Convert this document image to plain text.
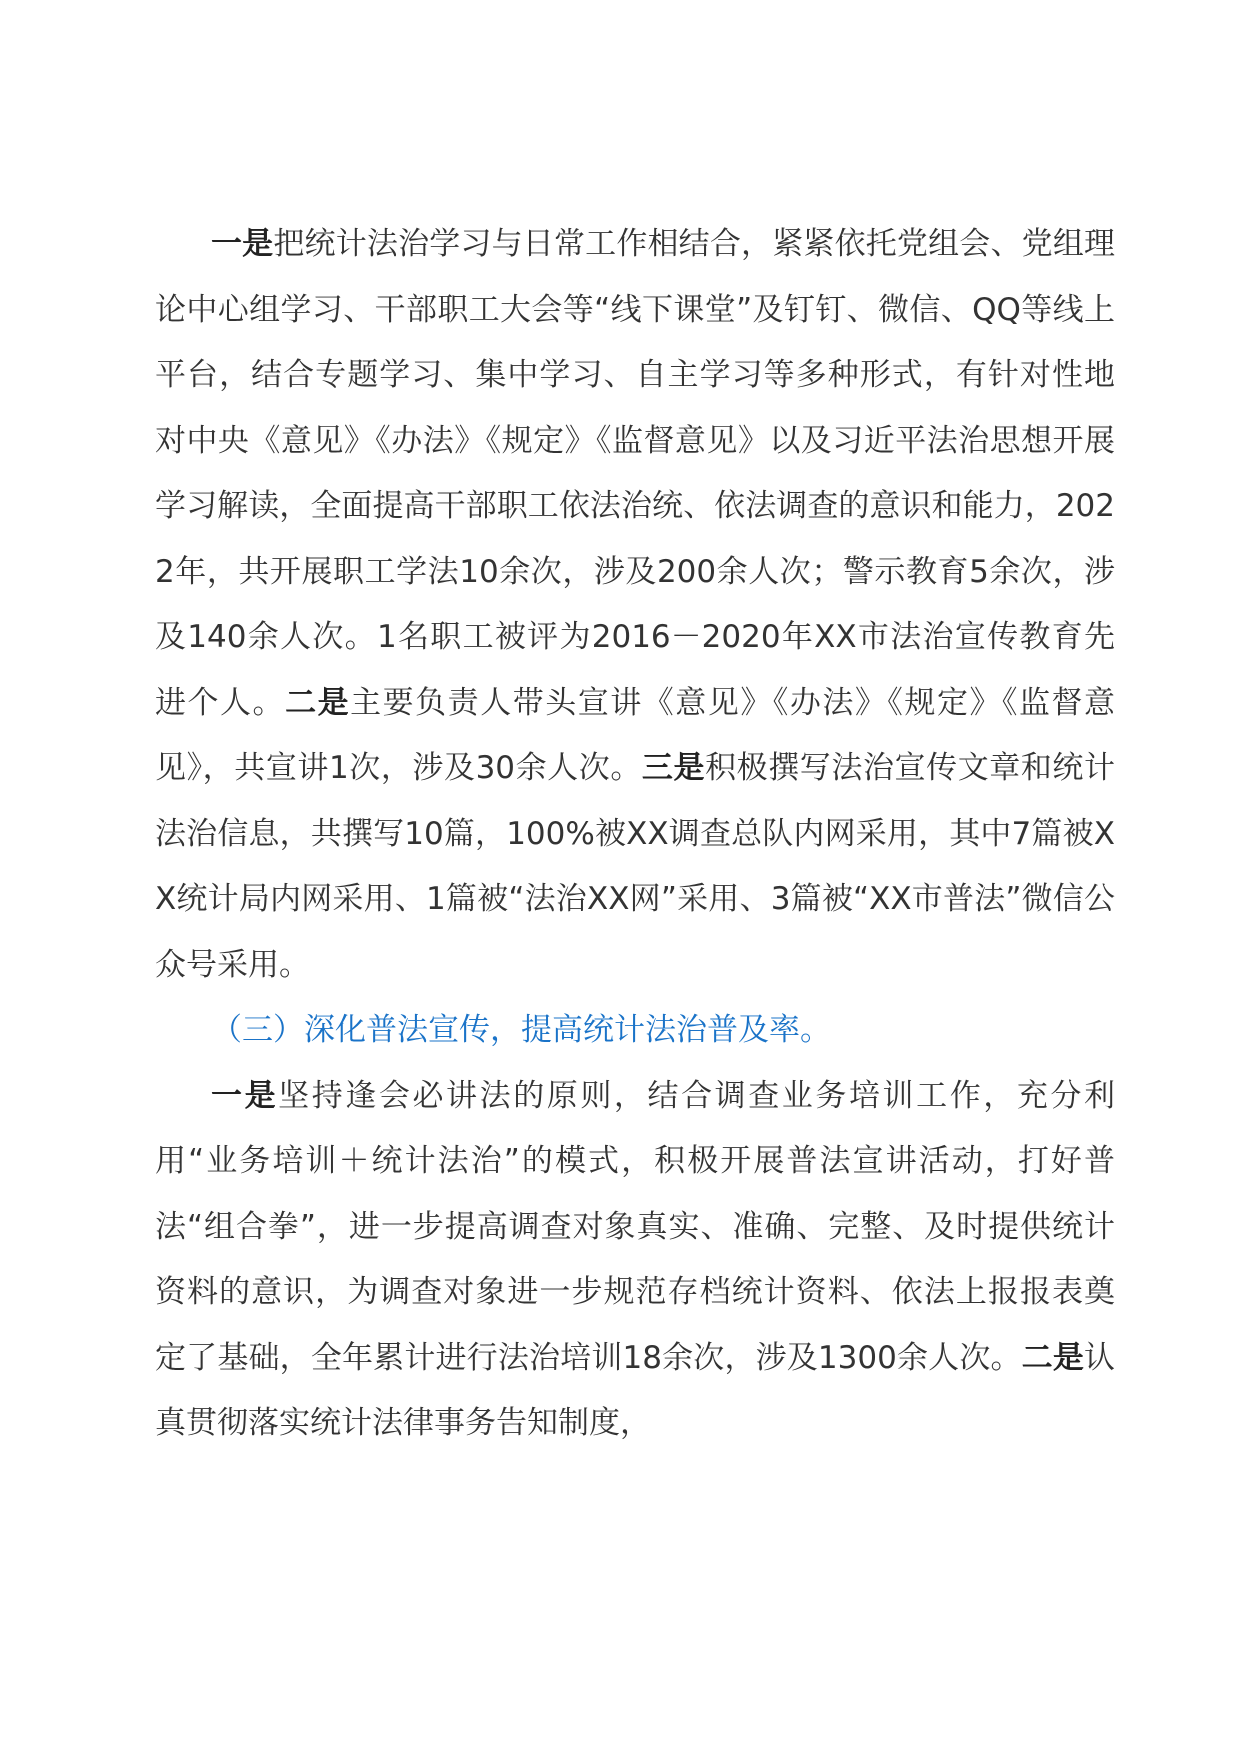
一是把统计法治学习与日常工作相结合，紧紧依托党组会、党组理论中心组学习、干部职工大会等“线下课堂”及钉钉、微信、QQ等线上平台，结合专题学习、集中学习、自主学习等多种形式，有针对性地对中央《意见》《办法》《规定》《监督意见》以及习近平法治思想开展学习解读，全面提高干部职工依法治统、依法调查的意识和能力，2022年，共开展职工学法10余次，涉及200余人次；警示教育5余次，涉及140余人次。1名职工被评为2016－2020年XX市法治宣传教育先进个人。二是主要负责人带头宣讲《意见》《办法》《规定》《监督意见》，共宣讲1次，涉及30余人次。三是积极撰写法治宣传文章和统计法治信息，共撰写10篇，100%被XX调查总队内网采用，其中7篇被XX统计局内网采用、1篇被“法治XX网”采用、3篇被“XX市普法”微信公众号采用。

（三）深化普法宣传，提高统计法治普及率。

一是坚持逢会必讲法的原则，结合调查业务培训工作，充分利用“业务培训＋统计法治”的模式，积极开展普法宣讲活动，打好普法“组合拳”，进一步提高调查对象真实、准确、完整、及时提供统计资料的意识，为调查对象进一步规范存档统计资料、依法上报报表奠定了基础，全年累计进行法治培训18余次，涉及1300余人次。二是认真贯彻落实统计法律事务告知制度，
